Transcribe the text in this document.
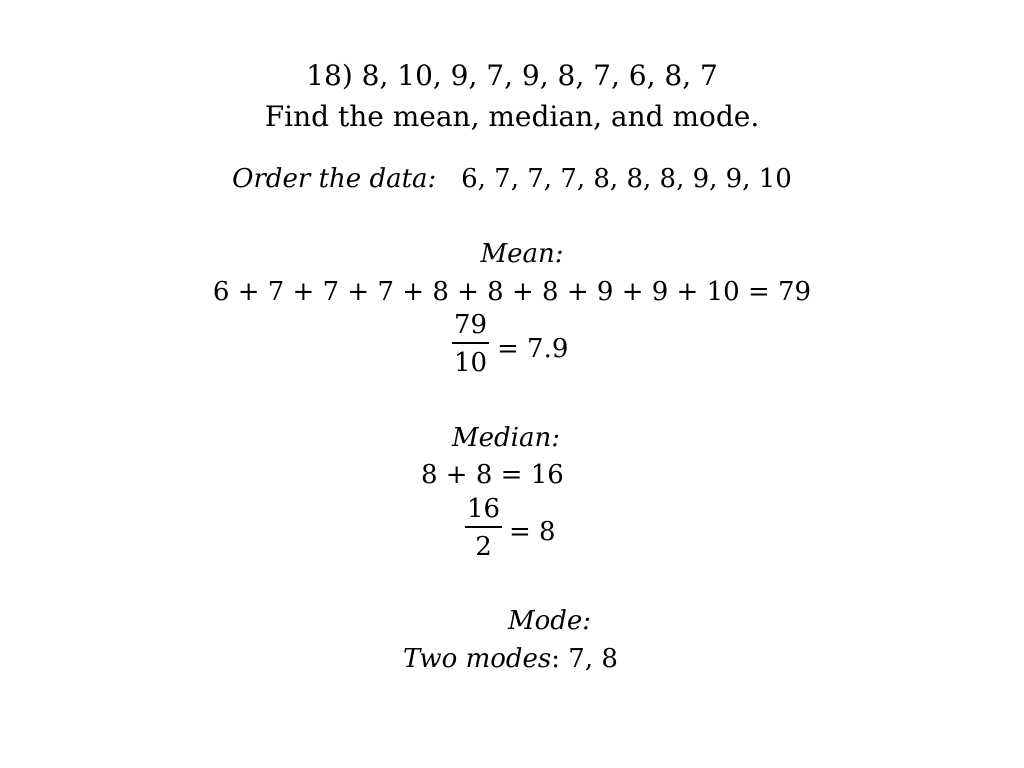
18) 8, 10, 9, 7, 9, 8, 7, 6, 8, 7
Find the mean, median, and mode.
Order the data: 6, 7, 7, 7, 8, 8, 8, 9, 9, 10
Mean:
6 + 7 + 7 + 7 + 8 + 8 + 8 + 9 + 9 + 10 = 79
79
10 = 7.9
Median:
8 + 8 = 16
16
2 = 8
Mode:
Two modes: 7, 8
